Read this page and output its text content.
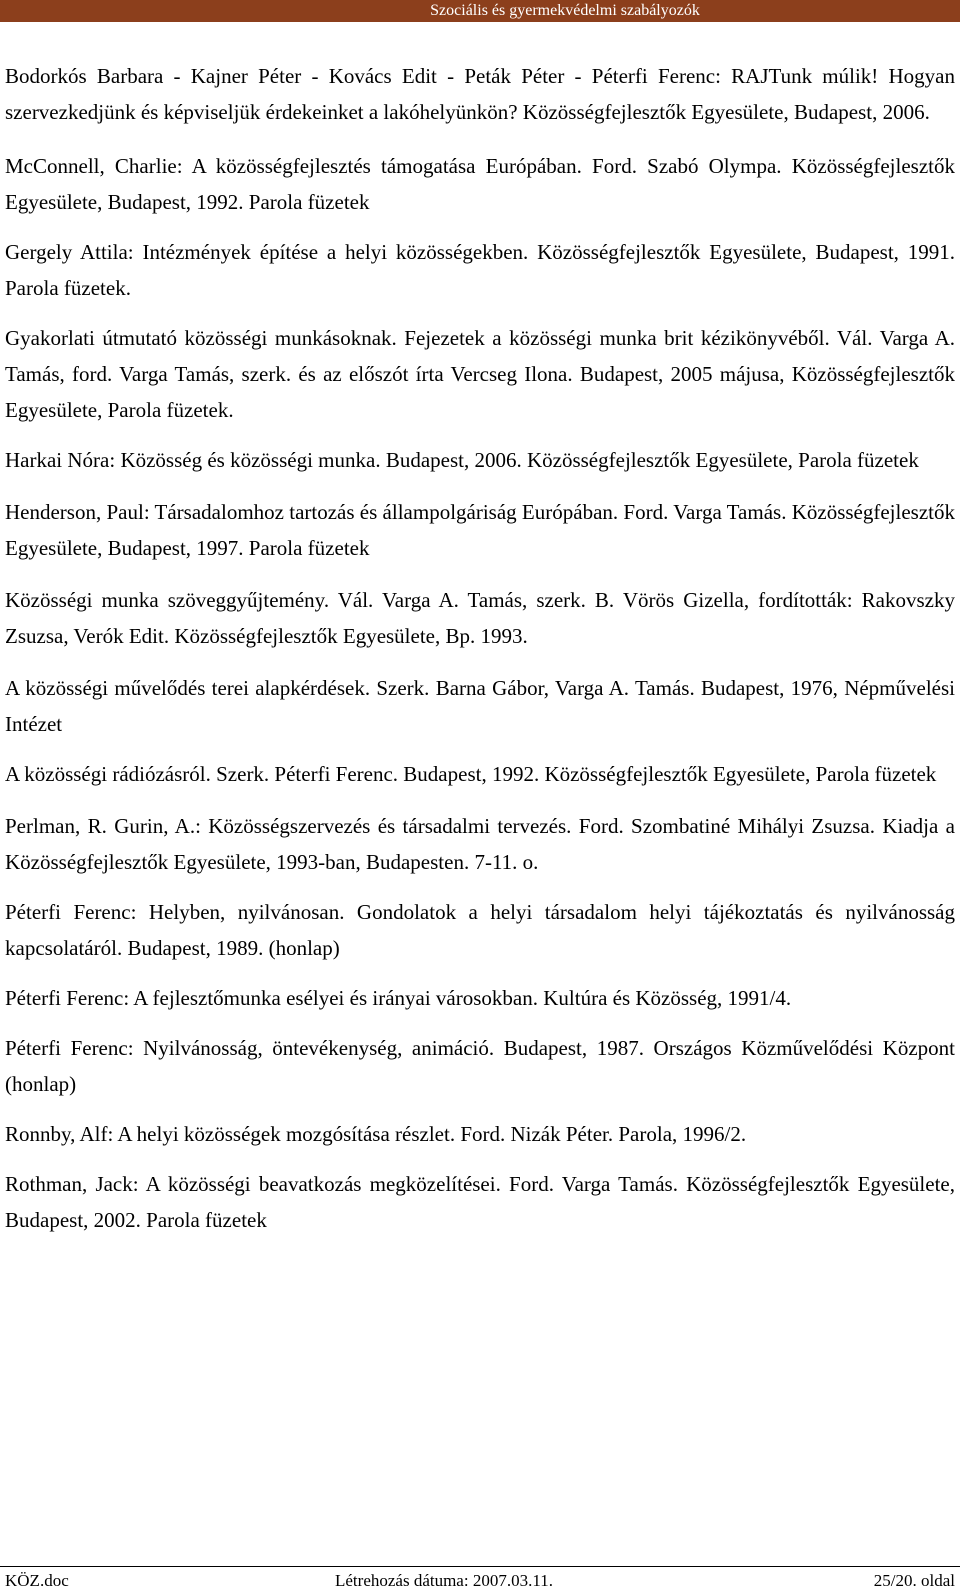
Szociális és gyermekvédelmi szabályozók

Bodorkós Barbara - Kajner Péter - Kovács Edit - Peták Péter - Péterfi Ferenc: RAJTunk múlik! Hogyan szervezkedjünk és képviseljük érdekeinket a lakóhelyünkön? Közösségfejlesztők Egyesülete, Budapest, 2006.

McConnell, Charlie: A közösségfejlesztés támogatása Európában. Ford. Szabó Olympa. Közösségfejlesztők Egyesülete, Budapest, 1992. Parola füzetek

Gergely Attila: Intézmények építése a helyi közösségekben. Közösségfejlesztők Egyesülete, Budapest, 1991. Parola füzetek.

Gyakorlati útmutató közösségi munkásoknak. Fejezetek a közösségi munka brit kézikönyvéből. Vál. Varga A. Tamás, ford. Varga Tamás, szerk. és az előszót írta Vercseg Ilona. Budapest, 2005 májusa, Közösségfejlesztők Egyesülete, Parola füzetek.

Harkai Nóra: Közösség és közösségi munka. Budapest, 2006. Közösségfejlesztők Egyesülete, Parola füzetek

Henderson, Paul: Társadalomhoz tartozás és állampolgáriság Európában. Ford. Varga Tamás. Közösségfejlesztők Egyesülete, Budapest, 1997. Parola füzetek

Közösségi munka szöveggyűjtemény. Vál. Varga A. Tamás, szerk. B. Vörös Gizella, fordították: Rakovszky Zsuzsa, Verók Edit. Közösségfejlesztők Egyesülete, Bp. 1993.

A közösségi művelődés terei alapkérdések. Szerk. Barna Gábor, Varga A. Tamás. Budapest, 1976, Népművelési Intézet

A közösségi rádiózásról. Szerk. Péterfi Ferenc. Budapest, 1992. Közösségfejlesztők Egyesülete, Parola füzetek

Perlman, R. Gurin, A.: Közösségszervezés és társadalmi tervezés. Ford. Szombatiné Mihályi Zsuzsa. Kiadja a Közösségfejlesztők Egyesülete, 1993-ban, Budapesten. 7-11. o.

Péterfi Ferenc: Helyben, nyilvánosan. Gondolatok a helyi társadalom helyi tájékoztatás és nyilvánosság kapcsolatáról. Budapest, 1989. (honlap)

Péterfi Ferenc: A fejlesztőmunka esélyei és irányai városokban. Kultúra és Közösség, 1991/4.

Péterfi Ferenc: Nyilvánosság, öntevékenység, animáció. Budapest, 1987. Országos Közművelődési Központ (honlap)

Ronnby, Alf: A helyi közösségek mozgósítása részlet. Ford. Nizák Péter. Parola, 1996/2.

Rothman, Jack: A közösségi beavatkozás megközelítései. Ford. Varga Tamás. Közösségfejlesztők Egyesülete, Budapest, 2002. Parola füzetek

KÖZ.doc	Létrehozás dátuma: 2007.03.11.	25/20. oldal
